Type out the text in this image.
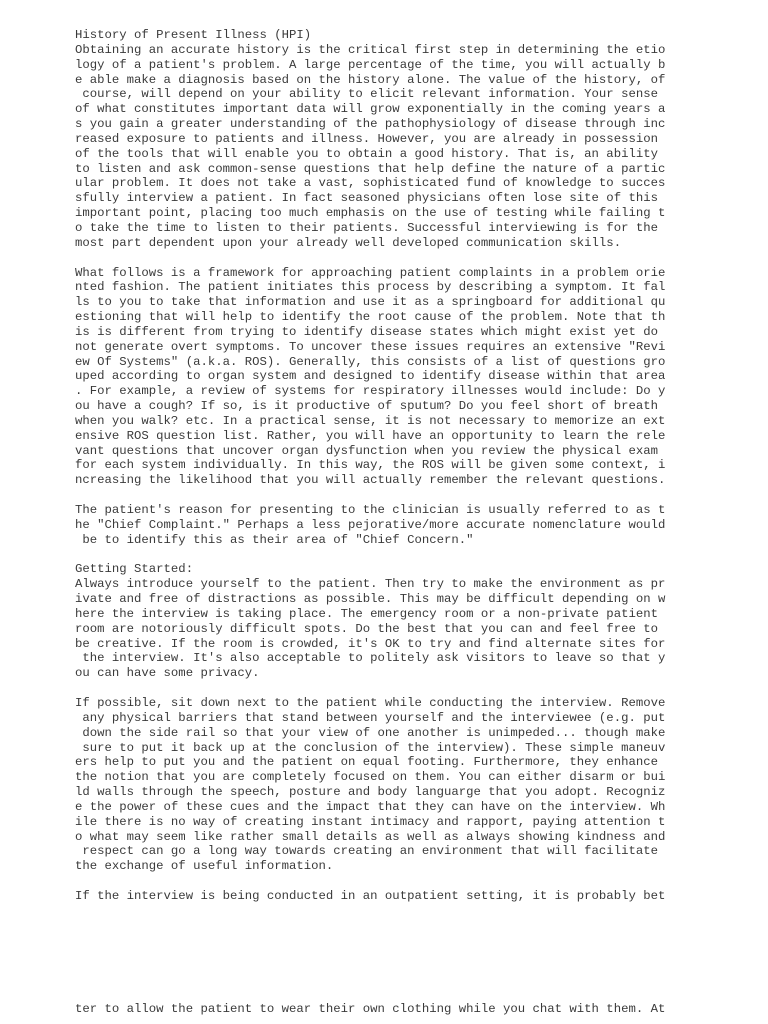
History of Present Illness (HPI)
Obtaining an accurate history is the critical first step in determining the etio
logy of a patient's problem. A large percentage of the time, you will actually b
e able make a diagnosis based on the history alone. The value of the history, of
course, will depend on your ability to elicit relevant information. Your sense
of what constitutes important data will grow exponentially in the coming years a
s you gain a greater understanding of the pathophysiology of disease through inc
reased exposure to patients and illness. However, you are already in possession
of the tools that will enable you to obtain a good history. That is, an ability
to listen and ask common-sense questions that help define the nature of a partic
ular problem. It does not take a vast, sophisticated fund of knowledge to succes
sfully interview a patient. In fact seasoned physicians often lose site of this
important point, placing too much emphasis on the use of testing while failing t
o take the time to listen to their patients. Successful interviewing is for the
most part dependent upon your already well developed communication skills.
What follows is a framework for approaching patient complaints in a problem orie
nted fashion. The patient initiates this process by describing a symptom. It fal
ls to you to take that information and use it as a springboard for additional qu
estioning that will help to identify the root cause of the problem. Note that th
is is different from trying to identify disease states which might exist yet do
not generate overt symptoms. To uncover these issues requires an extensive "Revi
ew Of Systems" (a.k.a. ROS). Generally, this consists of a list of questions gro
uped according to organ system and designed to identify disease within that area
. For example, a review of systems for respiratory illnesses would include: Do y
ou have a cough? If so, is it productive of sputum? Do you feel short of breath
when you walk? etc. In a practical sense, it is not necessary to memorize an ext
ensive ROS question list. Rather, you will have an opportunity to learn the rele
vant questions that uncover organ dysfunction when you review the physical exam
for each system individually. In this way, the ROS will be given some context, i
ncreasing the likelihood that you will actually remember the relevant questions.
The patient's reason for presenting to the clinician is usually referred to as t
he "Chief Complaint." Perhaps a less pejorative/more accurate nomenclature would
be to identify this as their area of "Chief Concern."
Getting Started:
Always introduce yourself to the patient. Then try to make the environment as pr
ivate and free of distractions as possible. This may be difficult depending on w
here the interview is taking place. The emergency room or a non-private patient
room are notoriously difficult spots. Do the best that you can and feel free to
be creative. If the room is crowded, it's OK to try and find alternate sites for
the interview. It's also acceptable to politely ask visitors to leave so that y
ou can have some privacy.
If possible, sit down next to the patient while conducting the interview. Remove
any physical barriers that stand between yourself and the interviewee (e.g. put
down the side rail so that your view of one another is unimpeded... though make
sure to put it back up at the conclusion of the interview). These simple maneuv
ers help to put you and the patient on equal footing. Furthermore, they enhance
the notion that you are completely focused on them. You can either disarm or bui
ld walls through the speech, posture and body languarge that you adopt. Recogniz
e the power of these cues and the impact that they can have on the interview. Wh
ile there is no way of creating instant intimacy and rapport, paying attention t
o what may seem like rather small details as well as always showing kindness and
respect can go a long way towards creating an environment that will facilitate
the exchange of useful information.
If the interview is being conducted in an outpatient setting, it is probably bet
ter to allow the patient to wear their own clothing while you chat with them. At
